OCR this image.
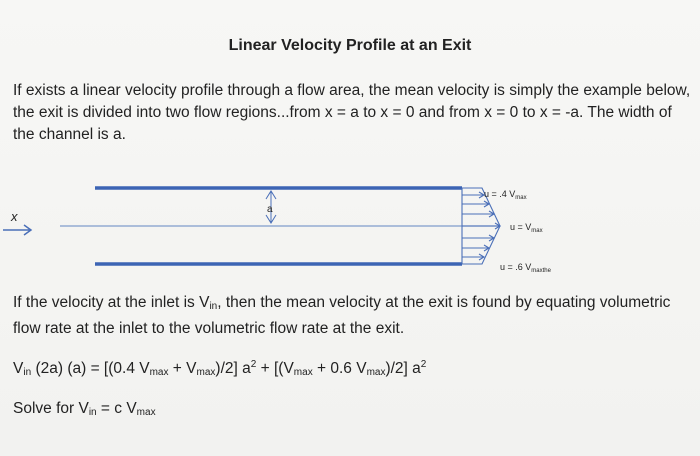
Linear Velocity Profile at an Exit

If exists a linear velocity profile through a flow area, the mean velocity is simply the example below, the exit is divided into two flow regions...from x = a to x = 0 and from x = 0 to x = -a. The width of the channel is a.

x	a
u = .4 $V_{max}$
$u = V_{max}$
u = .6 $V_{maxthe}$

If the velocity at the inlet is $V_{in}$, then the mean velocity at the exit is found by equating volumetric flow rate at the inlet to the volumetric flow rate at the exit.

$V_{in}$ (2a) (a) = [(0.4 $V_{max} + V_{max})/2$] $a^2 + [(V_{max} + 0.6$ $V_{max})/2$] $a^2$
Solve for $V_{in} = c$ $V_{max}$
